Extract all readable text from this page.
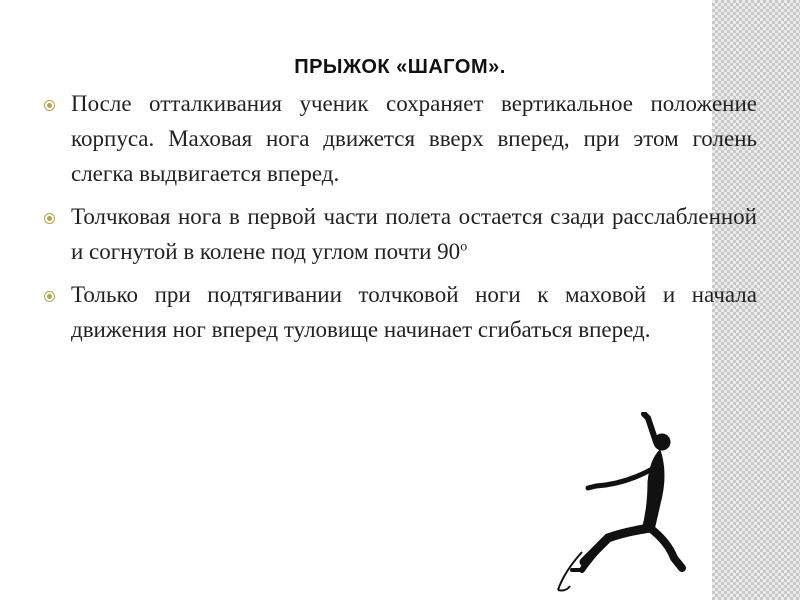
ПРЫЖОК «ШАГОМ».
После отталкивания ученик сохраняет вертикальное положение корпуса. Маховая нога движется вверх вперед, при этом голень слегка выдвигается вперед.
Толчковая нога в первой части полета остается сзади расслабленной и согнутой в колене под углом почти $90^о$
Только при подтягивании толчковой ноги к маховой и начала движения ног вперед туловище начинает сгибаться вперед.
